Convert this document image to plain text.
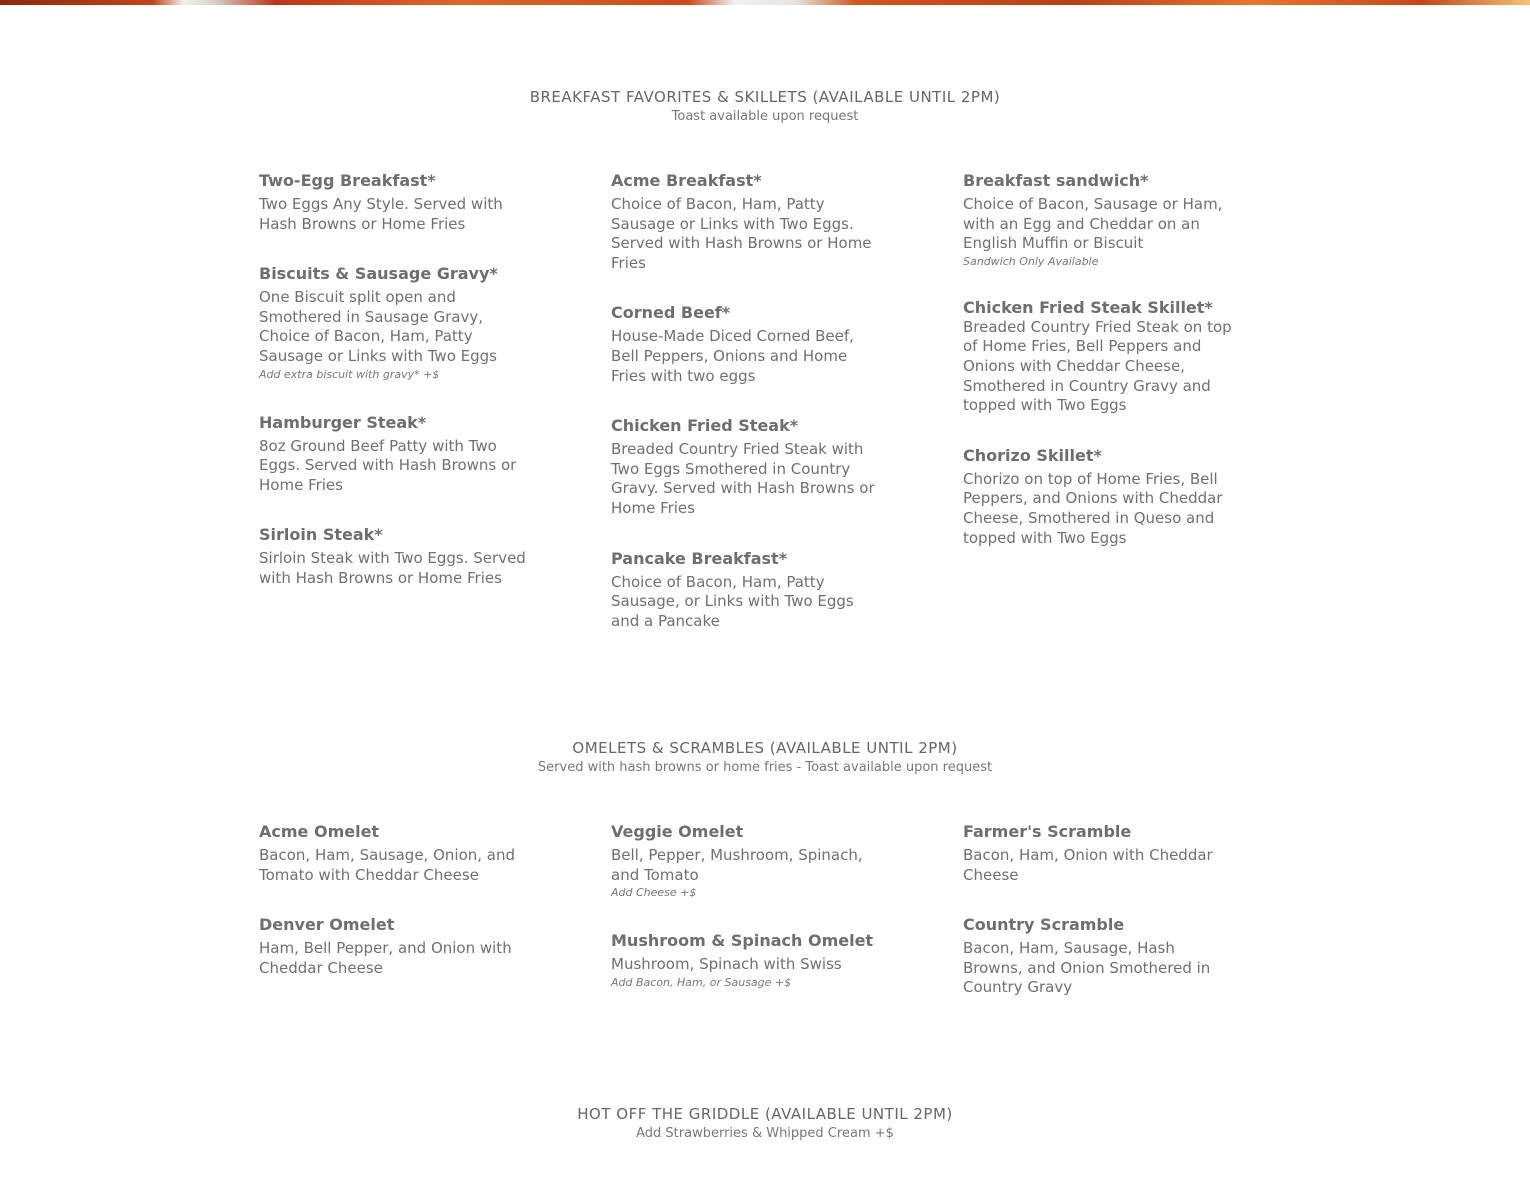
BREAKFAST FAVORITES & SKILLETS (AVAILABLE UNTIL 2PM)

Toast available upon request

Two-Egg Breakfast*

Two Eggs Any Style. Served with Hash Browns or Home Fries

Biscuits & Sausage Gravy*

One Biscuit split open and Smothered in Sausage Gravy, Choice of Bacon, Ham, Patty Sausage or Links with Two Eggs

Add extra biscuit with gravy* +$

Hamburger Steak*

8oz Ground Beef Patty with Two Eggs. Served with Hash Browns or Home Fries

Sirloin Steak*

Sirloin Steak with Two Eggs. Served with Hash Browns or Home Fries

Acme Breakfast*

Choice of Bacon, Ham, Patty Sausage or Links with Two Eggs. Served with Hash Browns or Home Fries

Corned Beef*

House-Made Diced Corned Beef, Bell Peppers, Onions and Home Fries with two eggs

Chicken Fried Steak*

Breaded Country Fried Steak with Two Eggs Smothered in Country Gravy. Served with Hash Browns or Home Fries

Pancake Breakfast*

Choice of Bacon, Ham, Patty Sausage, or Links with Two Eggs and a Pancake

Breakfast sandwich*

Choice of Bacon, Sausage or Ham, with an Egg and Cheddar on an English Muffin or Biscuit

Sandwich Only Available

Chicken Fried Steak Skillet*

Breaded Country Fried Steak on top of Home Fries, Bell Peppers and Onions with Cheddar Cheese, Smothered in Country Gravy and topped with Two Eggs

Chorizo Skillet*

Chorizo on top of Home Fries, Bell Peppers, and Onions with Cheddar Cheese, Smothered in Queso and topped with Two Eggs

OMELETS & SCRAMBLES (AVAILABLE UNTIL 2PM)

Served with hash browns or home fries - Toast available upon request

Acme Omelet

Bacon, Ham, Sausage, Onion, and Tomato with Cheddar Cheese

Denver Omelet

Ham, Bell Pepper, and Onion with Cheddar Cheese

Veggie Omelet

Bell, Pepper, Mushroom, Spinach, and Tomato

Add Cheese +$

Mushroom & Spinach Omelet

Mushroom, Spinach with Swiss

Add Bacon, Ham, or Sausage +$

Farmer's Scramble

Bacon, Ham, Onion with Cheddar Cheese

Country Scramble

Bacon, Ham, Sausage, Hash Browns, and Onion Smothered in Country Gravy

HOT OFF THE GRIDDLE (AVAILABLE UNTIL 2PM)

Add Strawberries & Whipped Cream +$
